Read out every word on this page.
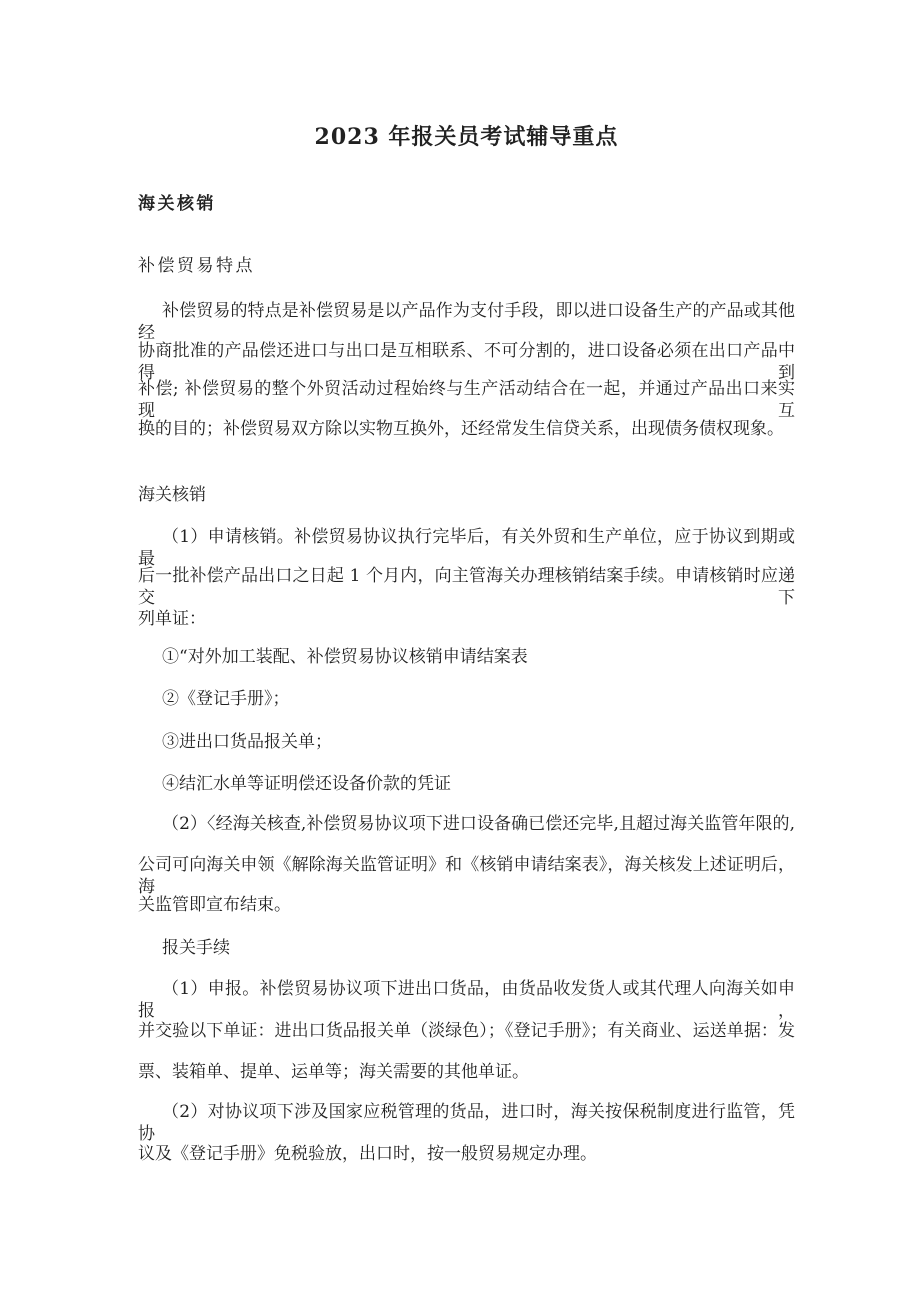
2023 年报关员考试辅导重点
海关核销
补偿贸易特点
补偿贸易的特点是补偿贸易是以产品作为支付手段，即以进口设备生产的产品或其他经
协商批准的产品偿还进口与出口是互相联系、不可分割的，进口设备必须在出口产品中得到
补偿; 补偿贸易的整个外贸活动过程始终与生产活动结合在一起，并通过产品出口来实现互
换的目的；补偿贸易双方除以实物互换外，还经常发生信贷关系，出现债务债权现象。
海关核销
（1）申请核销。补偿贸易协议执行完毕后，有关外贸和生产单位，应于协议到期或最
后一批补偿产品出口之日起 1 个月内，向主管海关办理核销结案手续。申请核销时应递交下
列单证：
①“对外加工装配、补偿贸易协议核销申请结案表
②《登记手册》；
③进出口货品报关单；
④结汇水单等证明偿还设备价款的凭证
（2）〈经海关核查,补偿贸易协议项下进口设备确已偿还完毕,且超过海关监管年限的,
公司可向海关申领《解除海关监管证明》和《核销申请结案表》，海关核发上述证明后，海
关监管即宣布结束。
报关手续
（1）申报。补偿贸易协议项下进出口货品，由货品收发货人或其代理人向海关如申报，
并交验以下单证：进出口货品报关单（淡绿色）；《登记手册》；有关商业、运送单据：发
票、装箱单、提单、运单等；海关需要的其他单证。
（2）对协议项下涉及国家应税管理的货品，进口时，海关按保税制度进行监管，凭协
议及《登记手册》免税验放，出口时，按一般贸易规定办理。
